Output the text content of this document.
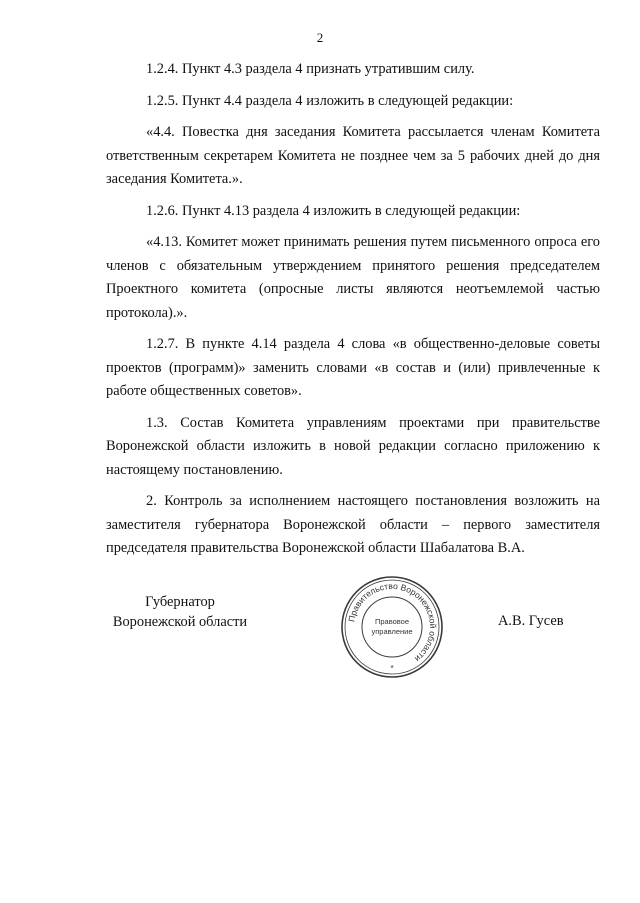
2

1.2.4. Пункт 4.3 раздела 4 признать утратившим силу.

1.2.5. Пункт 4.4 раздела 4 изложить в следующей редакции:

«4.4. Повестка дня заседания Комитета рассылается членам Комитета ответственным секретарем Комитета не позднее чем за 5 рабочих дней до дня заседания Комитета.».

1.2.6. Пункт 4.13 раздела 4 изложить в следующей редакции:

«4.13. Комитет может принимать решения путем письменного опроса его членов с обязательным утверждением принятого решения председателем Проектного комитета (опросные листы являются неотъемлемой частью протокола).».

1.2.7. В пункте 4.14 раздела 4 слова «в общественно-деловые советы проектов (программ)» заменить словами «в состав и (или) привлеченные к работе общественных советов».

1.3. Состав Комитета управлениям проектами при правительстве Воронежской области изложить в новой редакции согласно приложению к настоящему постановлению.

2. Контроль за исполнением настоящего постановления возложить на заместителя губернатора Воронежской области – первого заместителя председателя правительства Воронежской области Шабалатова В.А.

Губернатор
Воронежской области	Правительство Воронежской области
Правовое
управление
*
А.В. Гусев
